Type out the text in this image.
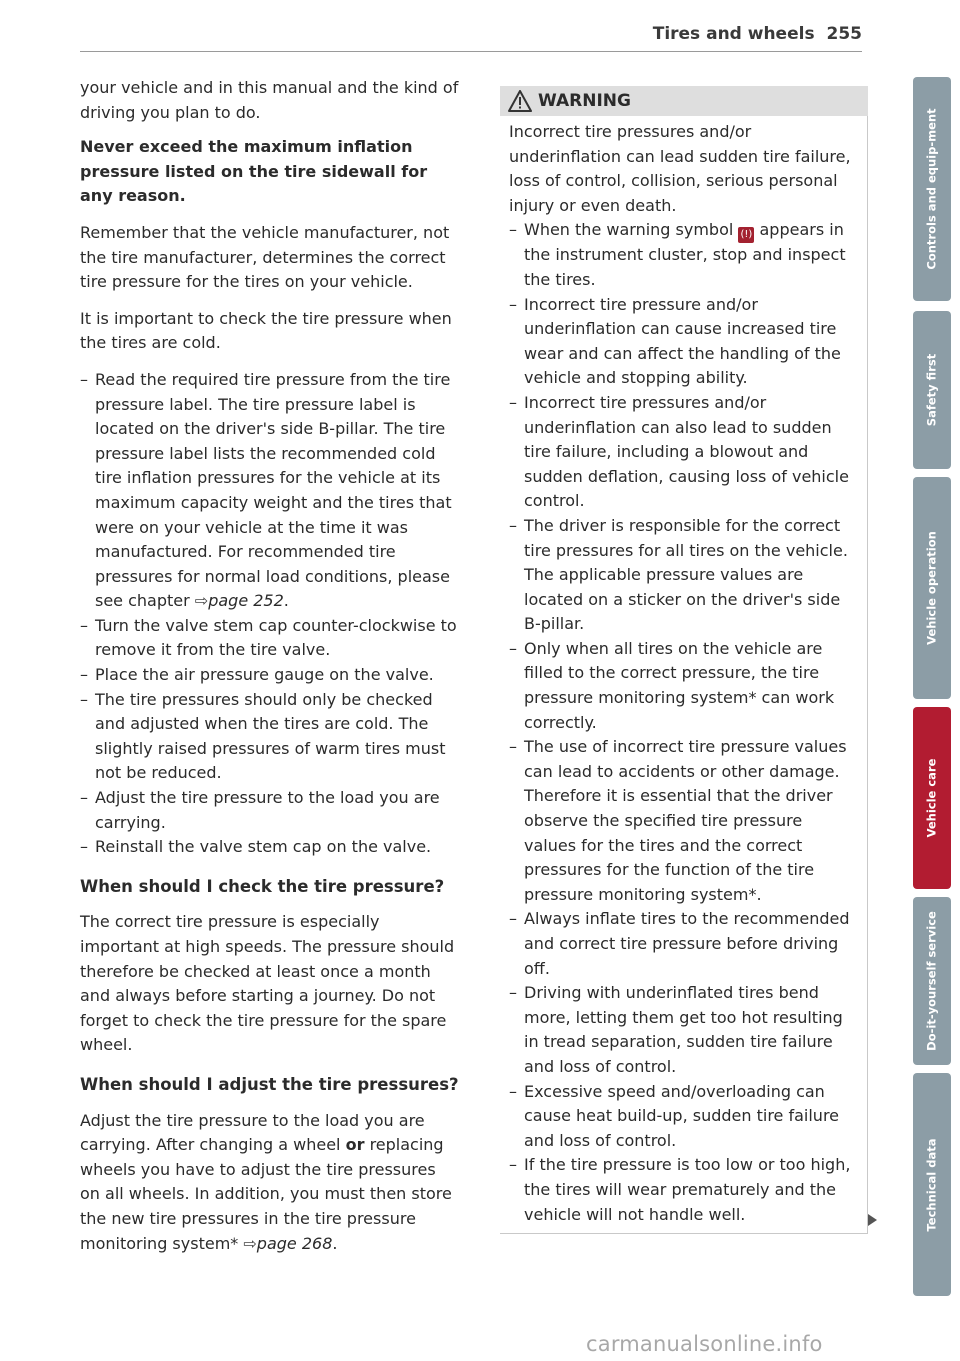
Tires and wheels 255

your vehicle and in this manual and the kind of driving you plan to do.

Never exceed the maximum inflation pressure listed on the tire sidewall for any reason.

Remember that the vehicle manufacturer, not the tire manufacturer, determines the correct tire pressure for the tires on your vehicle.

It is important to check the tire pressure when the tires are cold.

– Read the required tire pressure from the tire pressure label. The tire pressure label is located on the driver's side B-pillar. The tire pressure label lists the recommended cold tire inflation pressures for the vehicle at its maximum capacity weight and the tires that were on your vehicle at the time it was manufactured. For recommended tire pressures for normal load conditions, please see chapter ⇨page 252.

– Turn the valve stem cap counter-clockwise to remove it from the tire valve.

– Place the air pressure gauge on the valve.

– The tire pressures should only be checked and adjusted when the tires are cold. The slightly raised pressures of warm tires must not be reduced.

– Adjust the tire pressure to the load you are carrying.

– Reinstall the valve stem cap on the valve.

When should I check the tire pressure?

The correct tire pressure is especially important at high speeds. The pressure should therefore be checked at least once a month and always before starting a journey. Do not forget to check the tire pressure for the spare wheel.

When should I adjust the tire pressures?

Adjust the tire pressure to the load you are carrying. After changing a wheel or replacing wheels you have to adjust the tire pressures on all wheels. In addition, you must then store the new tire pressures in the tire pressure monitoring system* ⇨page 268.

WARNING

Incorrect tire pressures and/or underinflation can lead sudden tire failure, loss of control, collision, serious personal injury or even death.

– When the warning symbol (!) appears in the instrument cluster, stop and inspect the tires.

– Incorrect tire pressure and/or underinflation can cause increased tire wear and can affect the handling of the vehicle and stopping ability.

– Incorrect tire pressures and/or underinflation can also lead to sudden tire failure, including a blowout and sudden deflation, causing loss of vehicle control.

– The driver is responsible for the correct tire pressures for all tires on the vehicle. The applicable pressure values are located on a sticker on the driver's side B-pillar.

– Only when all tires on the vehicle are filled to the correct pressure, the tire pressure monitoring system* can work correctly.

– The use of incorrect tire pressure values can lead to accidents or other damage. Therefore it is essential that the driver observe the specified tire pressure values for the tires and the correct pressures for the function of the tire pressure monitoring system*.

– Always inflate tires to the recommended and correct tire pressure before driving off.

– Driving with underinflated tires bend more, letting them get too hot resulting in tread separation, sudden tire failure and loss of control.

– Excessive speed and/overloading can cause heat build-up, sudden tire failure and loss of control.

– If the tire pressure is too low or too high, the tires will wear prematurely and the vehicle will not handle well.

Controls and equip-ment
Safety first
Vehicle operation
Vehicle care
Do-it-yourself service
Technical data
carmanualsonline.info
